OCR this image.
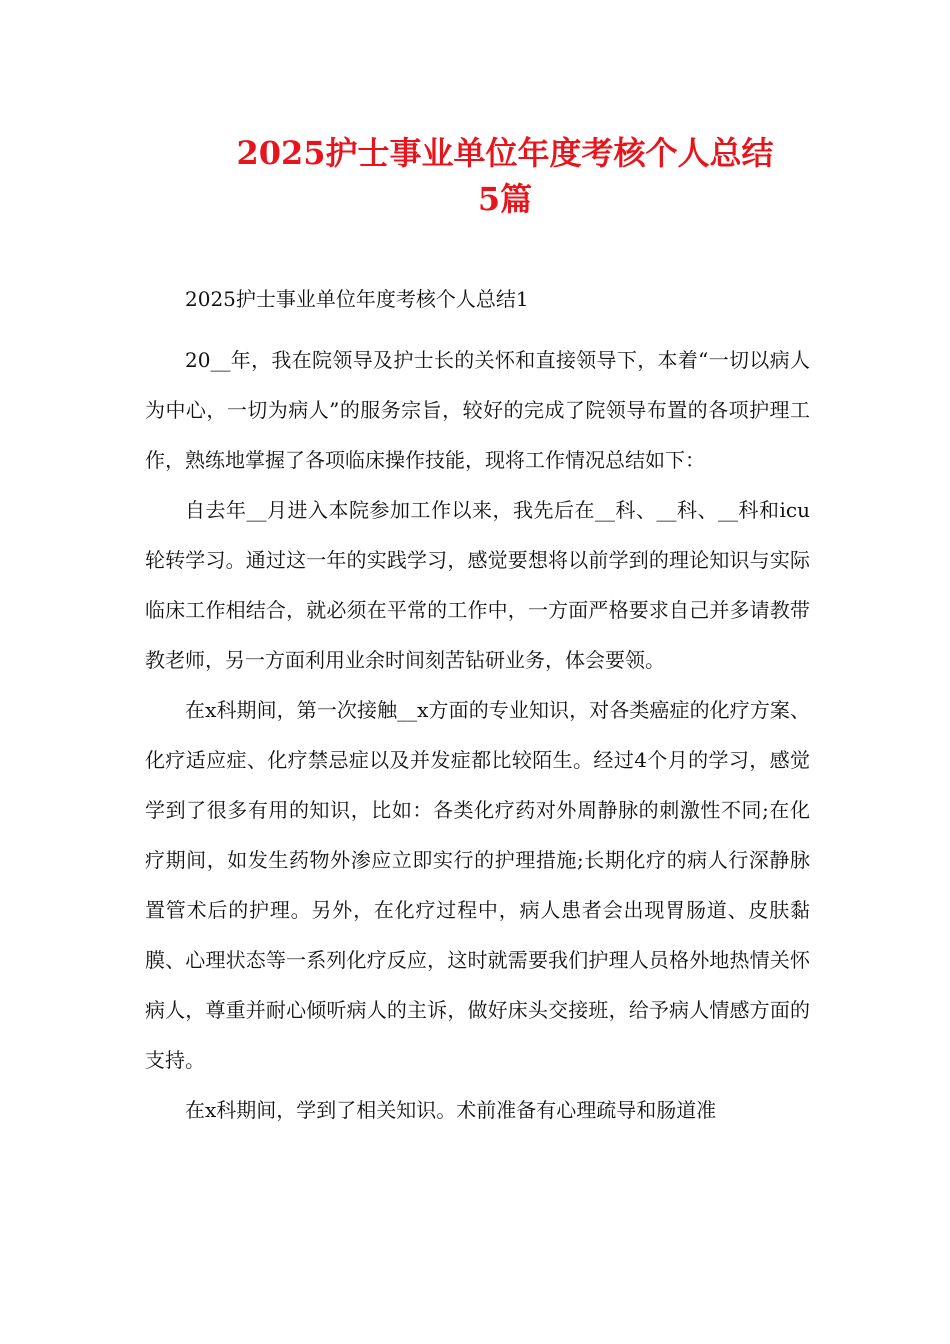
2025护士事业单位年度考核个人总结
5篇

2025护士事业单位年度考核个人总结1

20__年，我在院领导及护士长的关怀和直接领导下，本着“一切以病人为中心，一切为病人”的服务宗旨，较好的完成了院领导布置的各项护理工作，熟练地掌握了各项临床操作技能，现将工作情况总结如下：

自去年__月进入本院参加工作以来，我先后在__科、__科、__科和icu轮转学习。通过这一年的实践学习，感觉要想将以前学到的理论知识与实际临床工作相结合，就必须在平常的工作中，一方面严格要求自己并多请教带教老师，另一方面利用业余时间刻苦钻研业务，体会要领。

在x科期间，第一次接触__x方面的专业知识，对各类癌症的化疗方案、化疗适应症、化疗禁忌症以及并发症都比较陌生。经过4个月的学习，感觉学到了很多有用的知识，比如：各类化疗药对外周静脉的刺激性不同;在化疗期间，如发生药物外渗应立即实行的护理措施;长期化疗的病人行深静脉置管术后的护理。另外，在化疗过程中，病人患者会出现胃肠道、皮肤黏膜、心理状态等一系列化疗反应，这时就需要我们护理人员格外地热情关怀病人，尊重并耐心倾听病人的主诉，做好床头交接班，给予病人情感方面的支持。

在x科期间，学到了相关知识。术前准备有心理疏导和肠道准
